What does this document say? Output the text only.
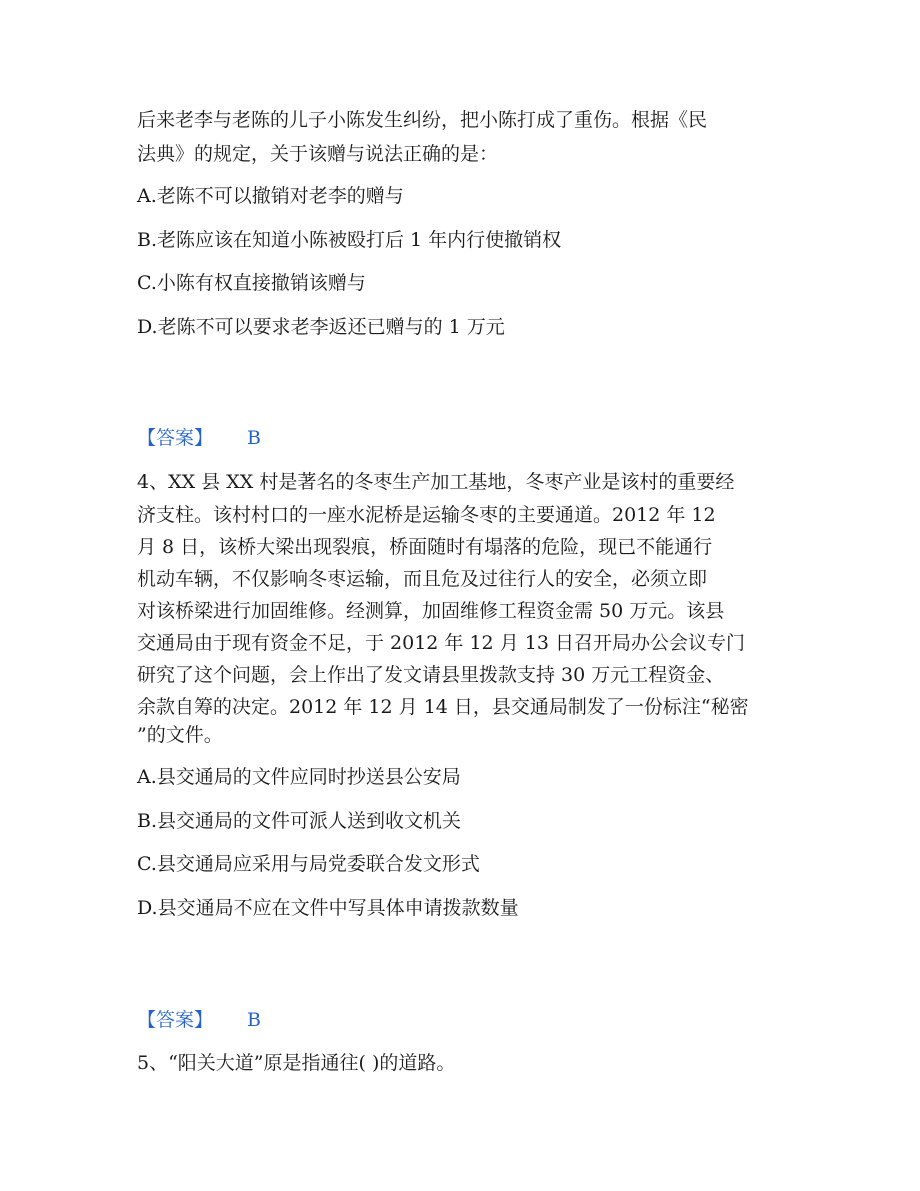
后来老李与老陈的儿子小陈发生纠纷，把小陈打成了重伤。根据《民
法典》的规定，关于该赠与说法正确的是：
A.老陈不可以撤销对老李的赠与
B.老陈应该在知道小陈被殴打后 1 年内行使撤销权
C.小陈有权直接撤销该赠与
D.老陈不可以要求老李返还已赠与的 1 万元
【答案】 B
4、XX 县 XX 村是著名的冬枣生产加工基地，冬枣产业是该村的重要经
济支柱。该村村口的一座水泥桥是运输冬枣的主要通道。2012 年 12
月 8 日，该桥大梁出现裂痕，桥面随时有塌落的危险，现已不能通行
机动车辆，不仅影响冬枣运输，而且危及过往行人的安全，必须立即
对该桥梁进行加固维修。经测算，加固维修工程资金需 50 万元。该县
交通局由于现有资金不足，于 2012 年 12 月 13 日召开局办公会议专门
研究了这个问题，会上作出了发文请县里拨款支持 30 万元工程资金、
余款自筹的决定。2012 年 12 月 14 日，县交通局制发了一份标注“秘密
”的文件。
A.县交通局的文件应同时抄送县公安局
B.县交通局的文件可派人送到收文机关
C.县交通局应采用与局党委联合发文形式
D.县交通局不应在文件中写具体申请拨款数量
【答案】 B
5、“阳关大道”原是指通往( )的道路。
